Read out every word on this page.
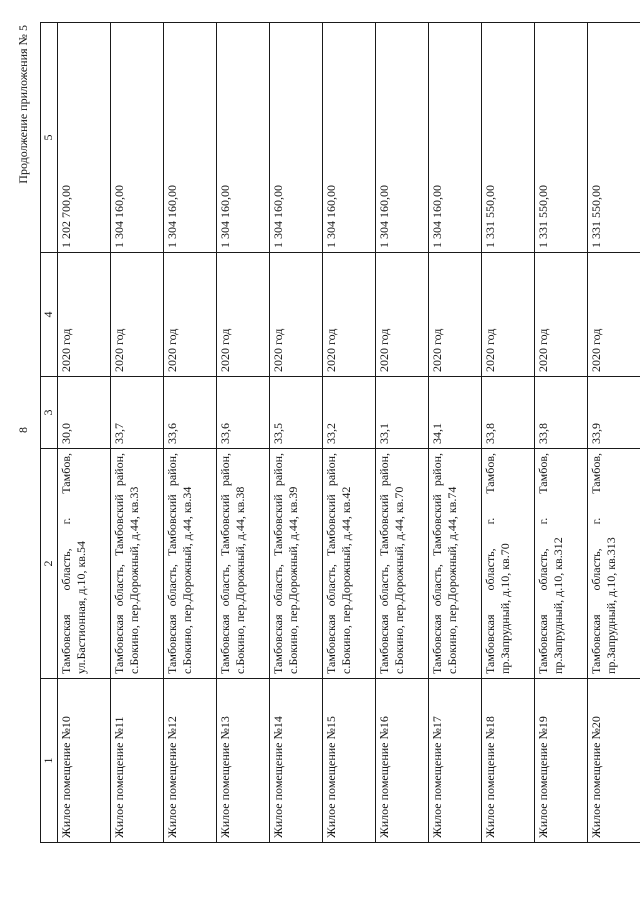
8
Продолжение приложения № 5
1	2	3	4	5
Жилое помещение №10	Тамбовская область, г. Тамбов, ул.Бастионная, д.10, кв.54	30,0	2020 год	1 202 700,00
Жилое помещение №11	Тамбовская область, Тамбовский район, с.Бокино, пер.Дорожный, д.44, кв.33	33,7	2020 год	1 304 160,00
Жилое помещение №12	Тамбовская область, Тамбовский район, с.Бокино, пер.Дорожный, д.44, кв.34	33,6	2020 год	1 304 160,00
Жилое помещение №13	Тамбовская область, Тамбовский район, с.Бокино, пер.Дорожный, д.44, кв.38	33,6	2020 год	1 304 160,00
Жилое помещение №14	Тамбовская область, Тамбовский район, с.Бокино, пер.Дорожный, д.44, кв.39	33,5	2020 год	1 304 160,00
Жилое помещение №15	Тамбовская область, Тамбовский район, с.Бокино, пер.Дорожный, д.44, кв.42	33,2	2020 год	1 304 160,00
Жилое помещение №16	Тамбовская область, Тамбовский район, с.Бокино, пер.Дорожный, д.44, кв.70	33,1	2020 год	1 304 160,00
Жилое помещение №17	Тамбовская область, Тамбовский район, с.Бокино, пер.Дорожный, д.44, кв.74	34,1	2020 год	1 304 160,00
Жилое помещение №18	Тамбовская область, г. Тамбов, пр.Запрудный, д.10, кв.70	33,8	2020 год	1 331 550,00
Жилое помещение №19	Тамбовская область, г. Тамбов, пр.Запрудный, д.10, кв.312	33,8	2020 год	1 331 550,00
Жилое помещение №20	Тамбовская область, г. Тамбов, пр.Запрудный, д.10, кв.313	33,9	2020 год	1 331 550,00
